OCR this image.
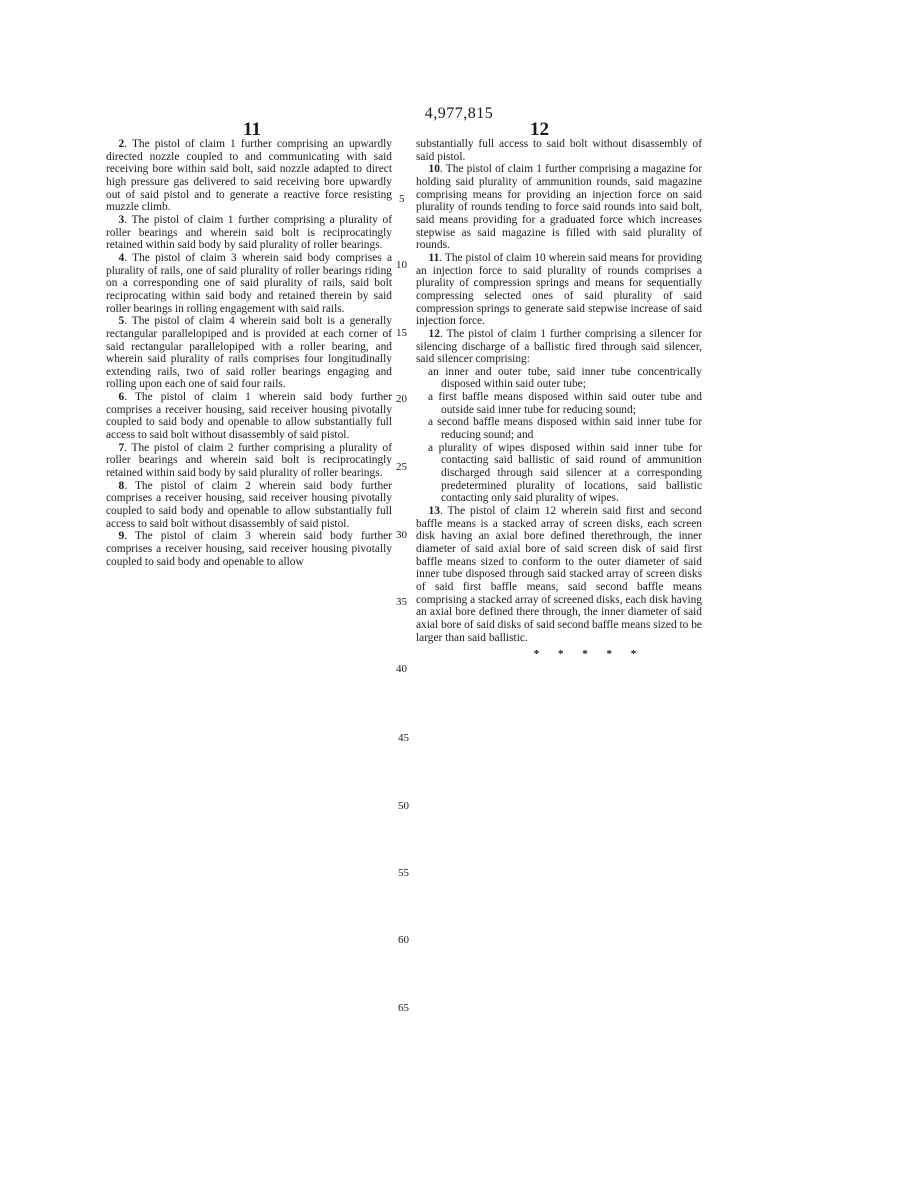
4,977,815
11	12

2. The pistol of claim 1 further comprising an upwardly directed nozzle coupled to and communicating with said receiving bore within said bolt, said nozzle adapted to direct high pressure gas delivered to said receiving bore upwardly out of said pistol and to generate a reactive force resisting muzzle climb.

3. The pistol of claim 1 further comprising a plurality of roller bearings and wherein said bolt is reciprocatingly retained within said body by said plurality of roller bearings.

4. The pistol of claim 3 wherein said body comprises a plurality of rails, one of said plurality of roller bearings riding on a corresponding one of said plurality of rails, said bolt reciprocating within said body and retained therein by said roller bearings in rolling engagement with said rails.

5. The pistol of claim 4 wherein said bolt is a generally rectangular parallelopiped and is provided at each corner of said rectangular parallelopiped with a roller bearing, and wherein said plurality of rails comprises four longitudinally extending rails, two of said roller bearings engaging and rolling upon each one of said four rails.

6. The pistol of claim 1 wherein said body further comprises a receiver housing, said receiver housing pivotally coupled to said body and openable to allow substantially full access to said bolt without disassembly of said pistol.

7. The pistol of claim 2 further comprising a plurality of roller bearings and wherein said bolt is reciprocatingly retained within said body by said plurality of roller bearings.

8. The pistol of claim 2 wherein said body further comprises a receiver housing, said receiver housing pivotally coupled to said body and openable to allow substantially full access to said bolt without disassembly of said pistol.

9. The pistol of claim 3 wherein said body further comprises a receiver housing, said receiver housing pivotally coupled to said body and openable to allow

substantially full access to said bolt without disassembly of said pistol.

10. The pistol of claim 1 further comprising a magazine for holding said plurality of ammunition rounds, said magazine comprising means for providing an injection force on said plurality of rounds tending to force said rounds into said bolt, said means providing for a graduated force which increases stepwise as said magazine is filled with said plurality of rounds.

11. The pistol of claim 10 wherein said means for providing an injection force to said plurality of rounds comprises a plurality of compression springs and means for sequentially compressing selected ones of said plurality of said compression springs to generate said stepwise increase of said injection force.

12. The pistol of claim 1 further comprising a silencer for silencing discharge of a ballistic fired through said silencer, said silencer comprising:

an inner and outer tube, said inner tube concentrically disposed within said outer tube;

a first baffle means disposed within said outer tube and outside said inner tube for reducing sound;

a second baffle means disposed within said inner tube for reducing sound; and

a plurality of wipes disposed within said inner tube for contacting said ballistic of said round of ammunition discharged through said silencer at a corresponding predetermined plurality of locations, said ballistic contacting only said plurality of wipes.

13. The pistol of claim 12 wherein said first and second baffle means is a stacked array of screen disks, each screen disk having an axial bore defined therethrough, the inner diameter of said axial bore of said screen disk of said first baffle means sized to conform to the outer diameter of said inner tube disposed through said stacked array of screen disks of said first baffle means, said second baffle means comprising a stacked array of screened disks, each disk having an axial bore defined there through, the inner diameter of said axial bore of said disks of said second baffle means sized to be larger than said ballistic.

* * * * *
5
10
15
20
25
30
35
40
45
50
55
60
65
